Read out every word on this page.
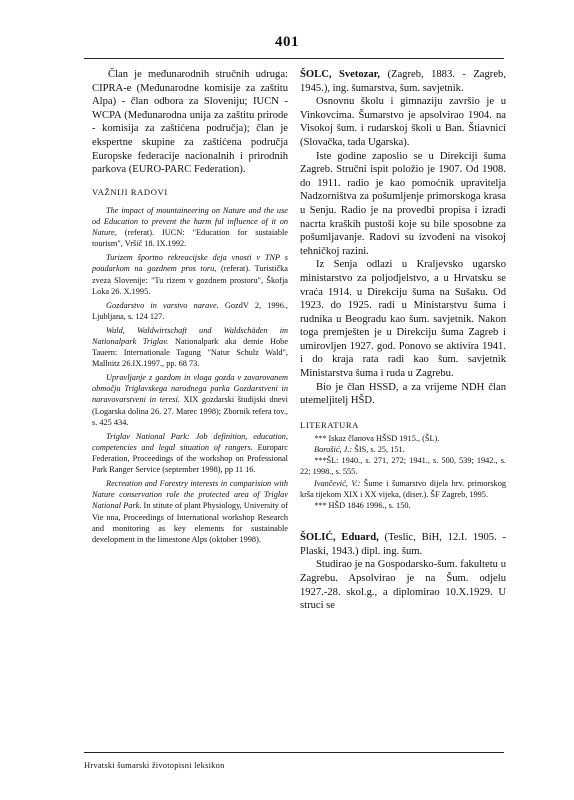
401

Član je međunarodnih stručnih udruga: CIPRA-e (Međunarodne komisije za zaštitu Alpa) - član odbora za Sloveniju; IUCN - WCPA (Međunarodna unija za zaštitu prirode - komisija za zaštićena područja); član je ekspertne skupine za zaštićena područja Europske federacije nacionalnih i prirodnih parkova (EURO-PARC Federation).

VAŽNIJI RADOVI

The impact of mountaineering on Nature and the use od Education to prevent the harm ful influence of it on Nature, (referat). IUCN: "Education for sustaiable tourism", Vršič 18. IX.1992.

Turizem športno rekreacijske deja vnosti v TNP s poudarkom na gozdnem pros toru, (referat). Turistička zveza Slovenije: "Tu rizem v gozdnem prostoru", Škofja Loka 26. X.1995.

Gozdarstvo in varstvo narave. GozdV 2, 1996., Ljubljana, s. 124 127.

Wald, Waldwirtschaft und Waldschäden im Nationalpark Triglav. Nationalpark aka demie Hobe Tauern: Internationale Tagung "Natur Schulz Wald", Mallnitz 26.IX.1997., pp. 68 73.

Upravljanje z gozdom in vloga gozda v zavarovanem območju Triglavskega narodnega parka Gozdarstveni in naravovarstveni in teresi. XIX gozdarski študijski dnevi (Logarska dolina 26. 27. Marec 1998); Zbornik refera tov., s. 425 434.

Triglav National Park: Job definition, education, competencies and legal situation of rangers. Europarc Federation, Proceedings of the workshop on Professional Park Ranger Service (september 1998), pp 11 16.

Recreation and Forestry interests in comparision with Nature conservation role the protected area of Triglav National Park. In stitute of plant Physiology, University of Vie nna, Proceedings of International workshop Research and monitoring as key elements for sustainable development in the limestone Alps (oktober 1998).

ŠOLC, Svetozar, (Zagreb, 1883. - Zagreb, 1945.), ing. šumarstva, šum. savjetnik.

Osnovnu školu i gimnaziju završio je u Vinkovcima. Šumarstvo je apsolvirao 1904. na Visokoj šum. i rudarskoj školi u Ban. Štiavnici (Slovačka, tada Ugarska).

Iste godine zaposlio se u Direkciji šuma Zagreb. Stručni ispit položio je 1907. Od 1908. do 1911. radio je kao pomoćnik upravitelja Nadzorništva za pošumljenje primorskoga krasa u Senju. Radio je na provedbi propisa i izradi nacrta kraških pustoši koje su bile sposobne za pošumljavanje. Radovi su izvođeni na visokoj tehničkoj razini.

Iz Senja odlazi u Kraljevsko ugarsko ministarstvo za poljodjelstvo, a u Hrvatsku se vraća 1914. u Direkciju šuma na Sušaku. Od 1923. do 1925. radi u Ministarstvu šuma i rudnika u Beogradu kao šum. savjetnik. Nakon toga premješten je u Direkciju šuma Zagreb i umirovljen 1927. god. Ponovo se aktivira 1941. i do kraja rata radi kao šum. savjetnik Ministarstva šuma i ruda u Zagrebu.

Bio je član HSSD, a za vrijeme NDH član utemeljitelj HŠD.

LITERATURA

*** Iskaz članova HŠSD 1915., (ŠL).

Borošić, J.: ŠIS, s. 25, 151.

***ŠL: 1940., s. 271, 272; 1941., s. 500, 539; 1942., s. 22; 1998., s. 555.

Ivančević, V.: Šume i šumarstvo dijela hrv. primorskog krša tijekom XIX i XX vijeka, (diser.). ŠF Zagreb, 1995.

*** HŠD 1846 1996., s. 150.

ŠOLIĆ, Eduard, (Teslic, BiH, 12.I. 1905. - Plaski, 1943.) dipl. ing. šum.

Studirao je na Gospodarsko-šum. fakultetu u Zagrebu. Apsolvirao je na Šum. odjelu 1927.-28. skol.g., a diplomirao 10.X.1929. U struci se

Hrvatski šumarski životopisni leksikon
